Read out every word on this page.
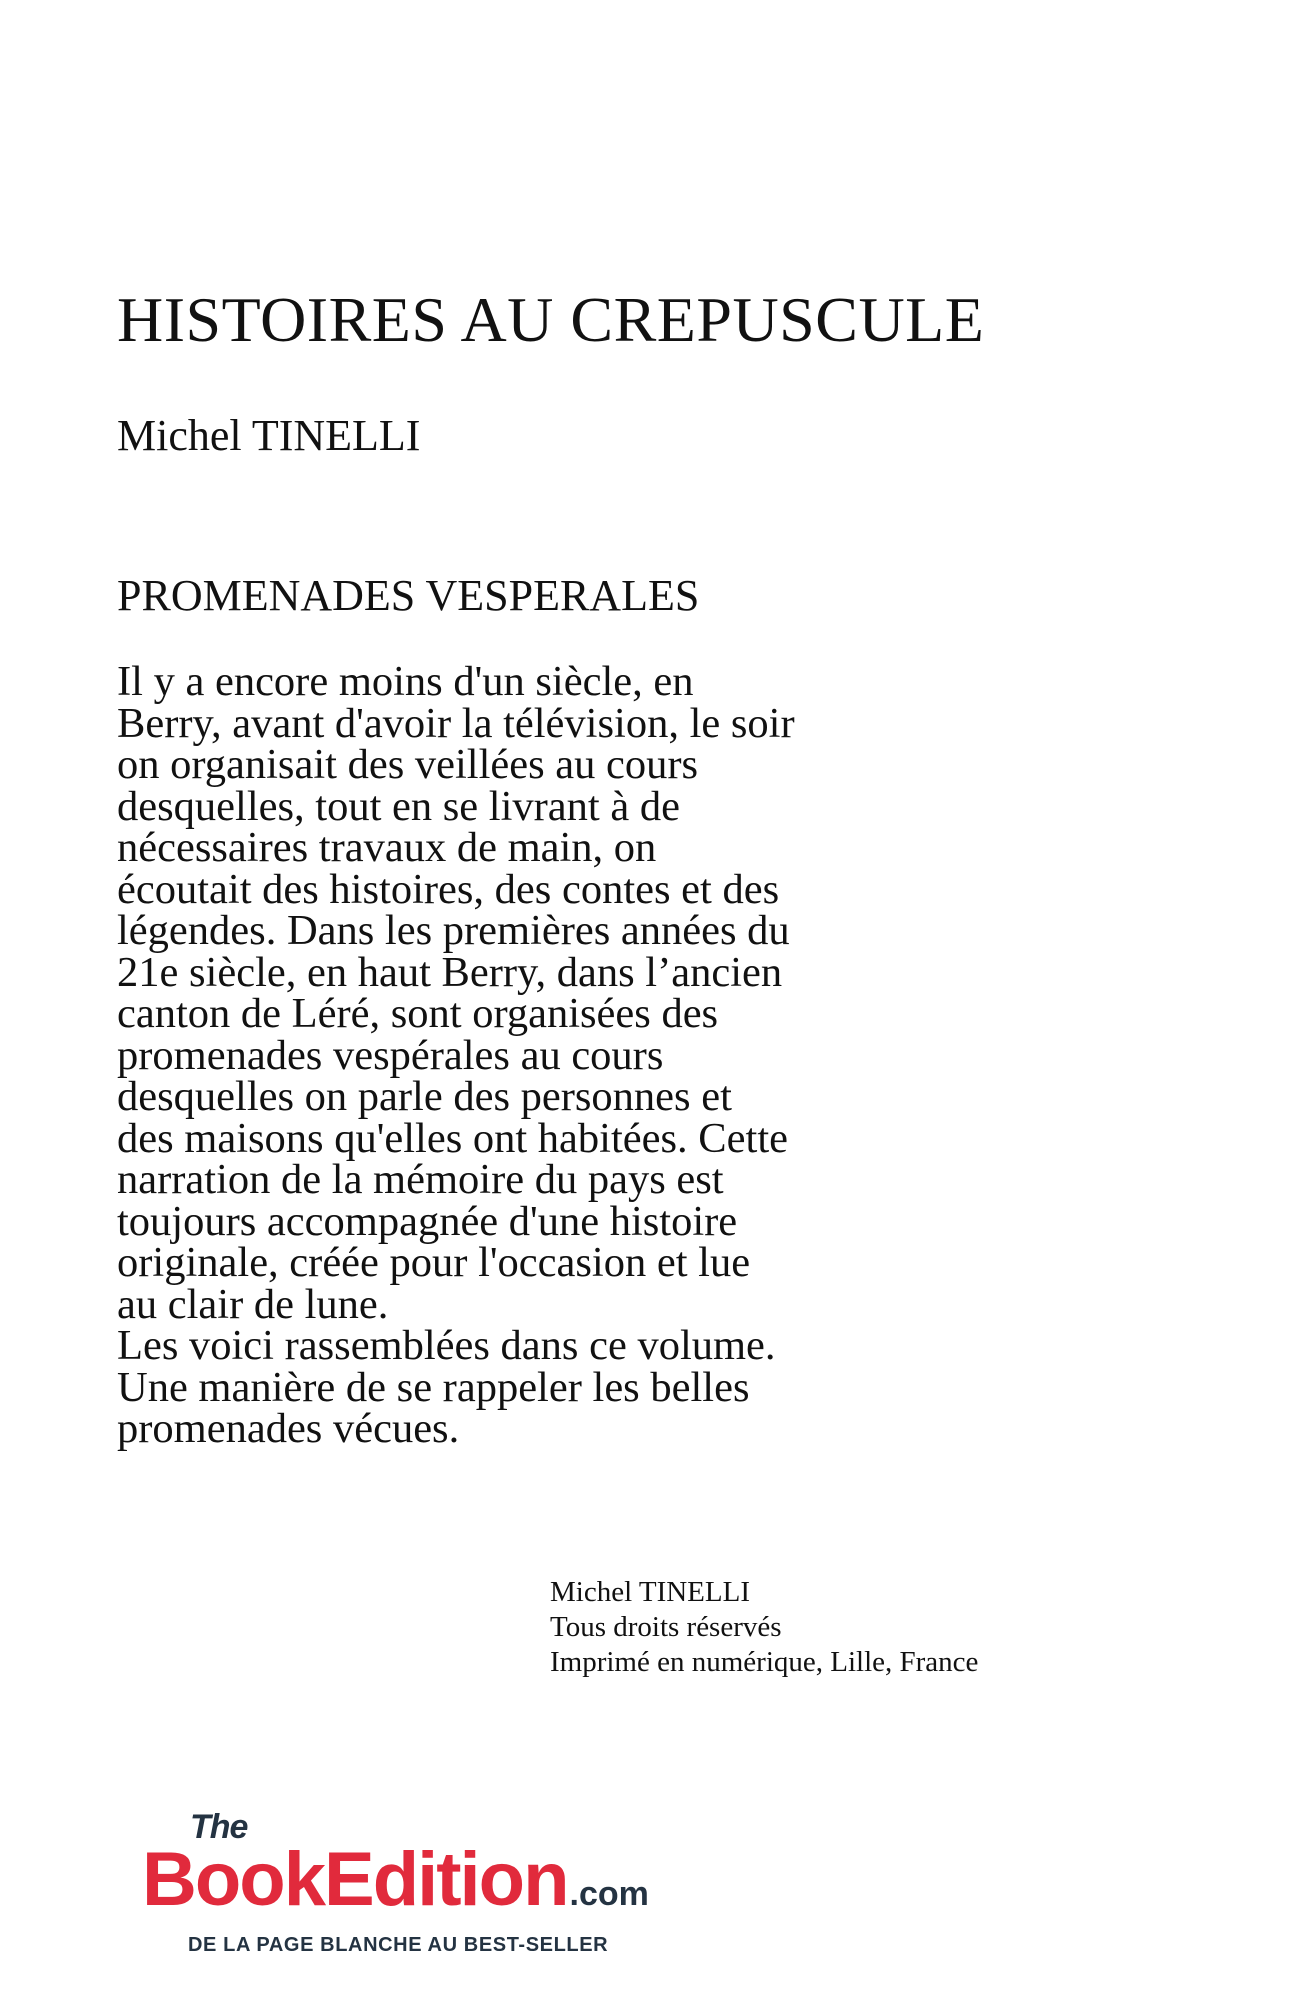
HISTOIRES AU CREPUSCULE
Michel TINELLI
PROMENADES VESPERALES

Il y a encore moins d'un siècle, en

Berry, avant d'avoir la télévision, le soir

on organisait des veillées au cours

desquelles, tout en se livrant à de

nécessaires travaux de main, on

écoutait des histoires, des contes et des

légendes. Dans les premières années du

21e siècle, en haut Berry, dans l’ancien

canton de Léré, sont organisées des

promenades vespérales au cours

desquelles on parle des personnes et

des maisons qu'elles ont habitées. Cette

narration de la mémoire du pays est

toujours accompagnée d'une histoire

originale, créée pour l'occasion et lue

au clair de lune.

Les voici rassemblées dans ce volume.

Une manière de se rappeler les belles

promenades vécues.

Michel TINELLI
Tous droits réservés
Imprimé en numérique, Lille, France
The
BookEdition.com
DE LA PAGE BLANCHE AU BEST-SELLER
